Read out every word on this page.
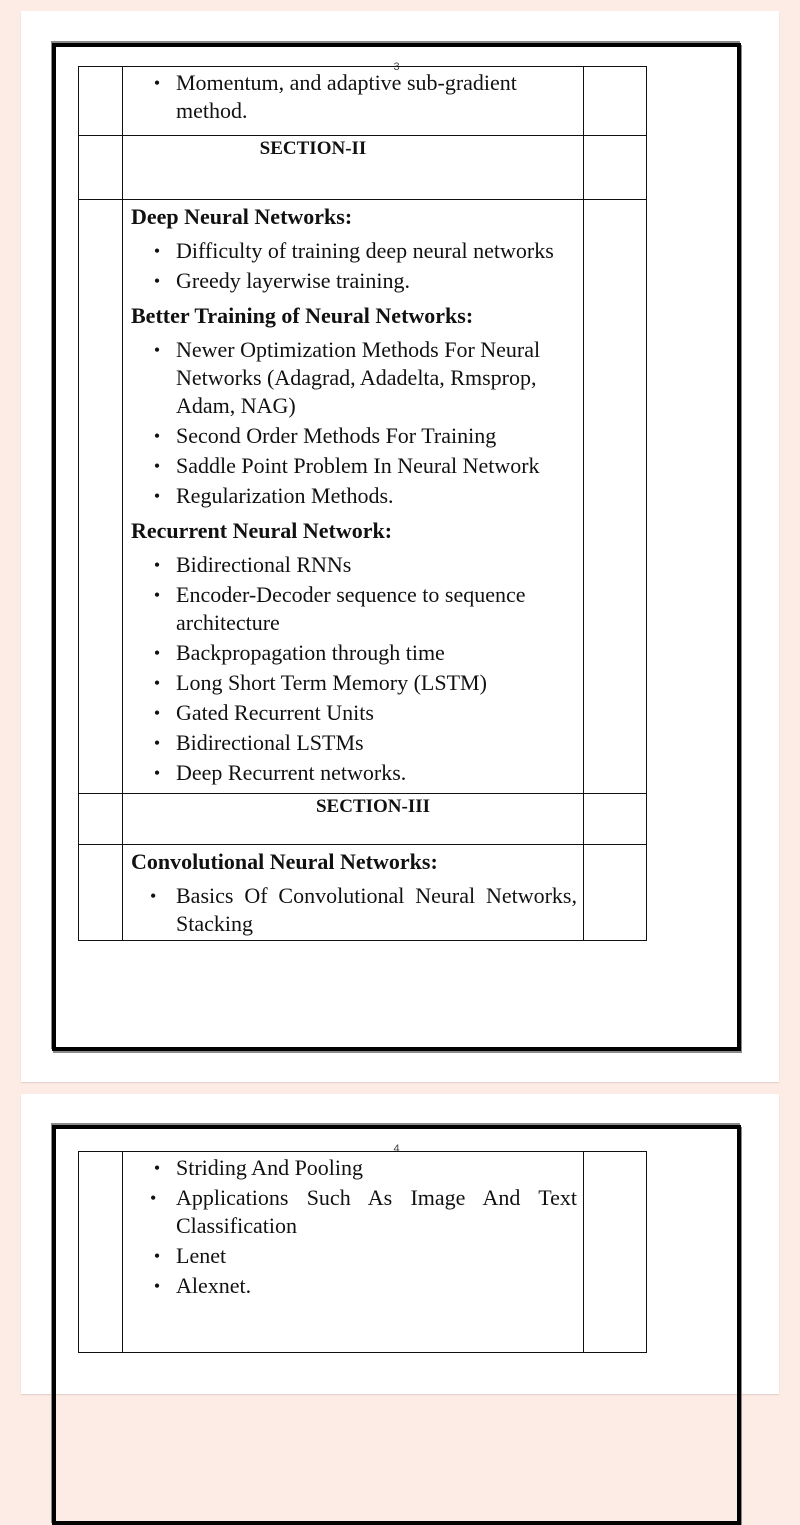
3

• Momentum, and adaptive sub-gradient method.

	SECTION-II	

Deep Neural Networks:
• Difficulty of training deep neural networks
• Greedy layerwise training.
Better Training of Neural Networks:
• Newer Optimization Methods For Neural Networks (Adagrad, Adadelta, Rmsprop, Adam, NAG)
• Second Order Methods For Training
• Saddle Point Problem In Neural Network
• Regularization Methods.
Recurrent Neural Network:
• Bidirectional RNNs
• Encoder-Decoder sequence to sequence architecture
• Backpropagation through time
• Long Short Term Memory (LSTM)
• Gated Recurrent Units
• Bidirectional LSTMs
• Deep Recurrent networks.

	SECTION-III	

Convolutional Neural Networks:
• Basics Of Convolutional Neural Networks, Stacking

4

• Striding And Pooling
• Applications Such As Image And Text Classification
• Lenet
• Alexnet.
